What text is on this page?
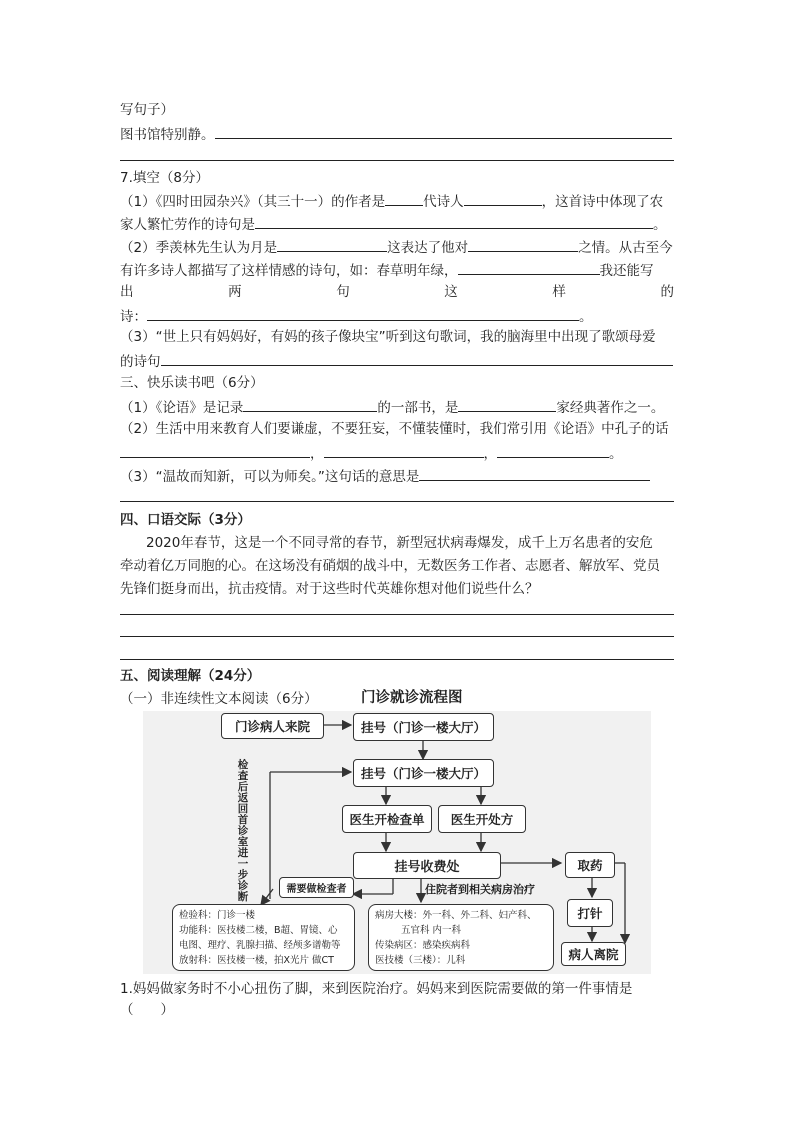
写句子）
图书馆特别静。
7.填空（8分）
（1）《四时田园杂兴》（其三十一）的作者是	代诗人	，这首诗中体现了农
家人繁忙劳作的诗句是	。
（2）季羡林先生认为月是	这表达了他对	之情。从古至今
有许多诗人都描写了这样情感的诗句，如：春草明年绿，	我还能写
出	两	句	这	样	的
诗：	。
（3）“世上只有妈妈好，有妈的孩子像块宝”听到这句歌词，我的脑海里中出现了歌颂母爱
的诗句
三、快乐读书吧（6分）
（1）《论语》是记录	的一部书，是	家经典著作之一。
（2）生活中用来教育人们要谦虚，不要狂妄，不懂装懂时，我们常引用《论语》中孔子的话
，	，	。
（3）“温故而知新，可以为师矣。”这句话的意思是
四、口语交际（3分）
2020年春节，这是一个不同寻常的春节，新型冠状病毒爆发，成千上万名患者的安危
牵动着亿万同胞的心。在这场没有硝烟的战斗中，无数医务工作者、志愿者、解放军、党员
先锋们挺身而出，抗击疫情。对于这些时代英雄你想对他们说些什么？
五、阅读理解（24分）
（一）非连续性文本阅读（6分）	门诊就诊流程图
门诊病人来院	挂号（门诊一楼大厅）
挂号（门诊一楼大厅）
医生开检查单	医生开处方
挂号收费处
需要做检查者	住院者到相关病房治疗
取药
打针
病人离院
检查后返回首诊室进一步诊断
检验科：门诊一楼
功能科：医技楼二楼，B超、胃镜、心
电图、理疗、乳腺扫描、经颅多谱勒等
放射科：医技楼一楼，拍X光片 做CT
病房大楼：外一科、外二科、妇产科、
五官科 内一科
传染病区：感染疾病科
医技楼（三楼）：儿科
1.妈妈做家务时不小心扭伤了脚，来到医院治疗。妈妈来到医院需要做的第一件事情是
（　　）
